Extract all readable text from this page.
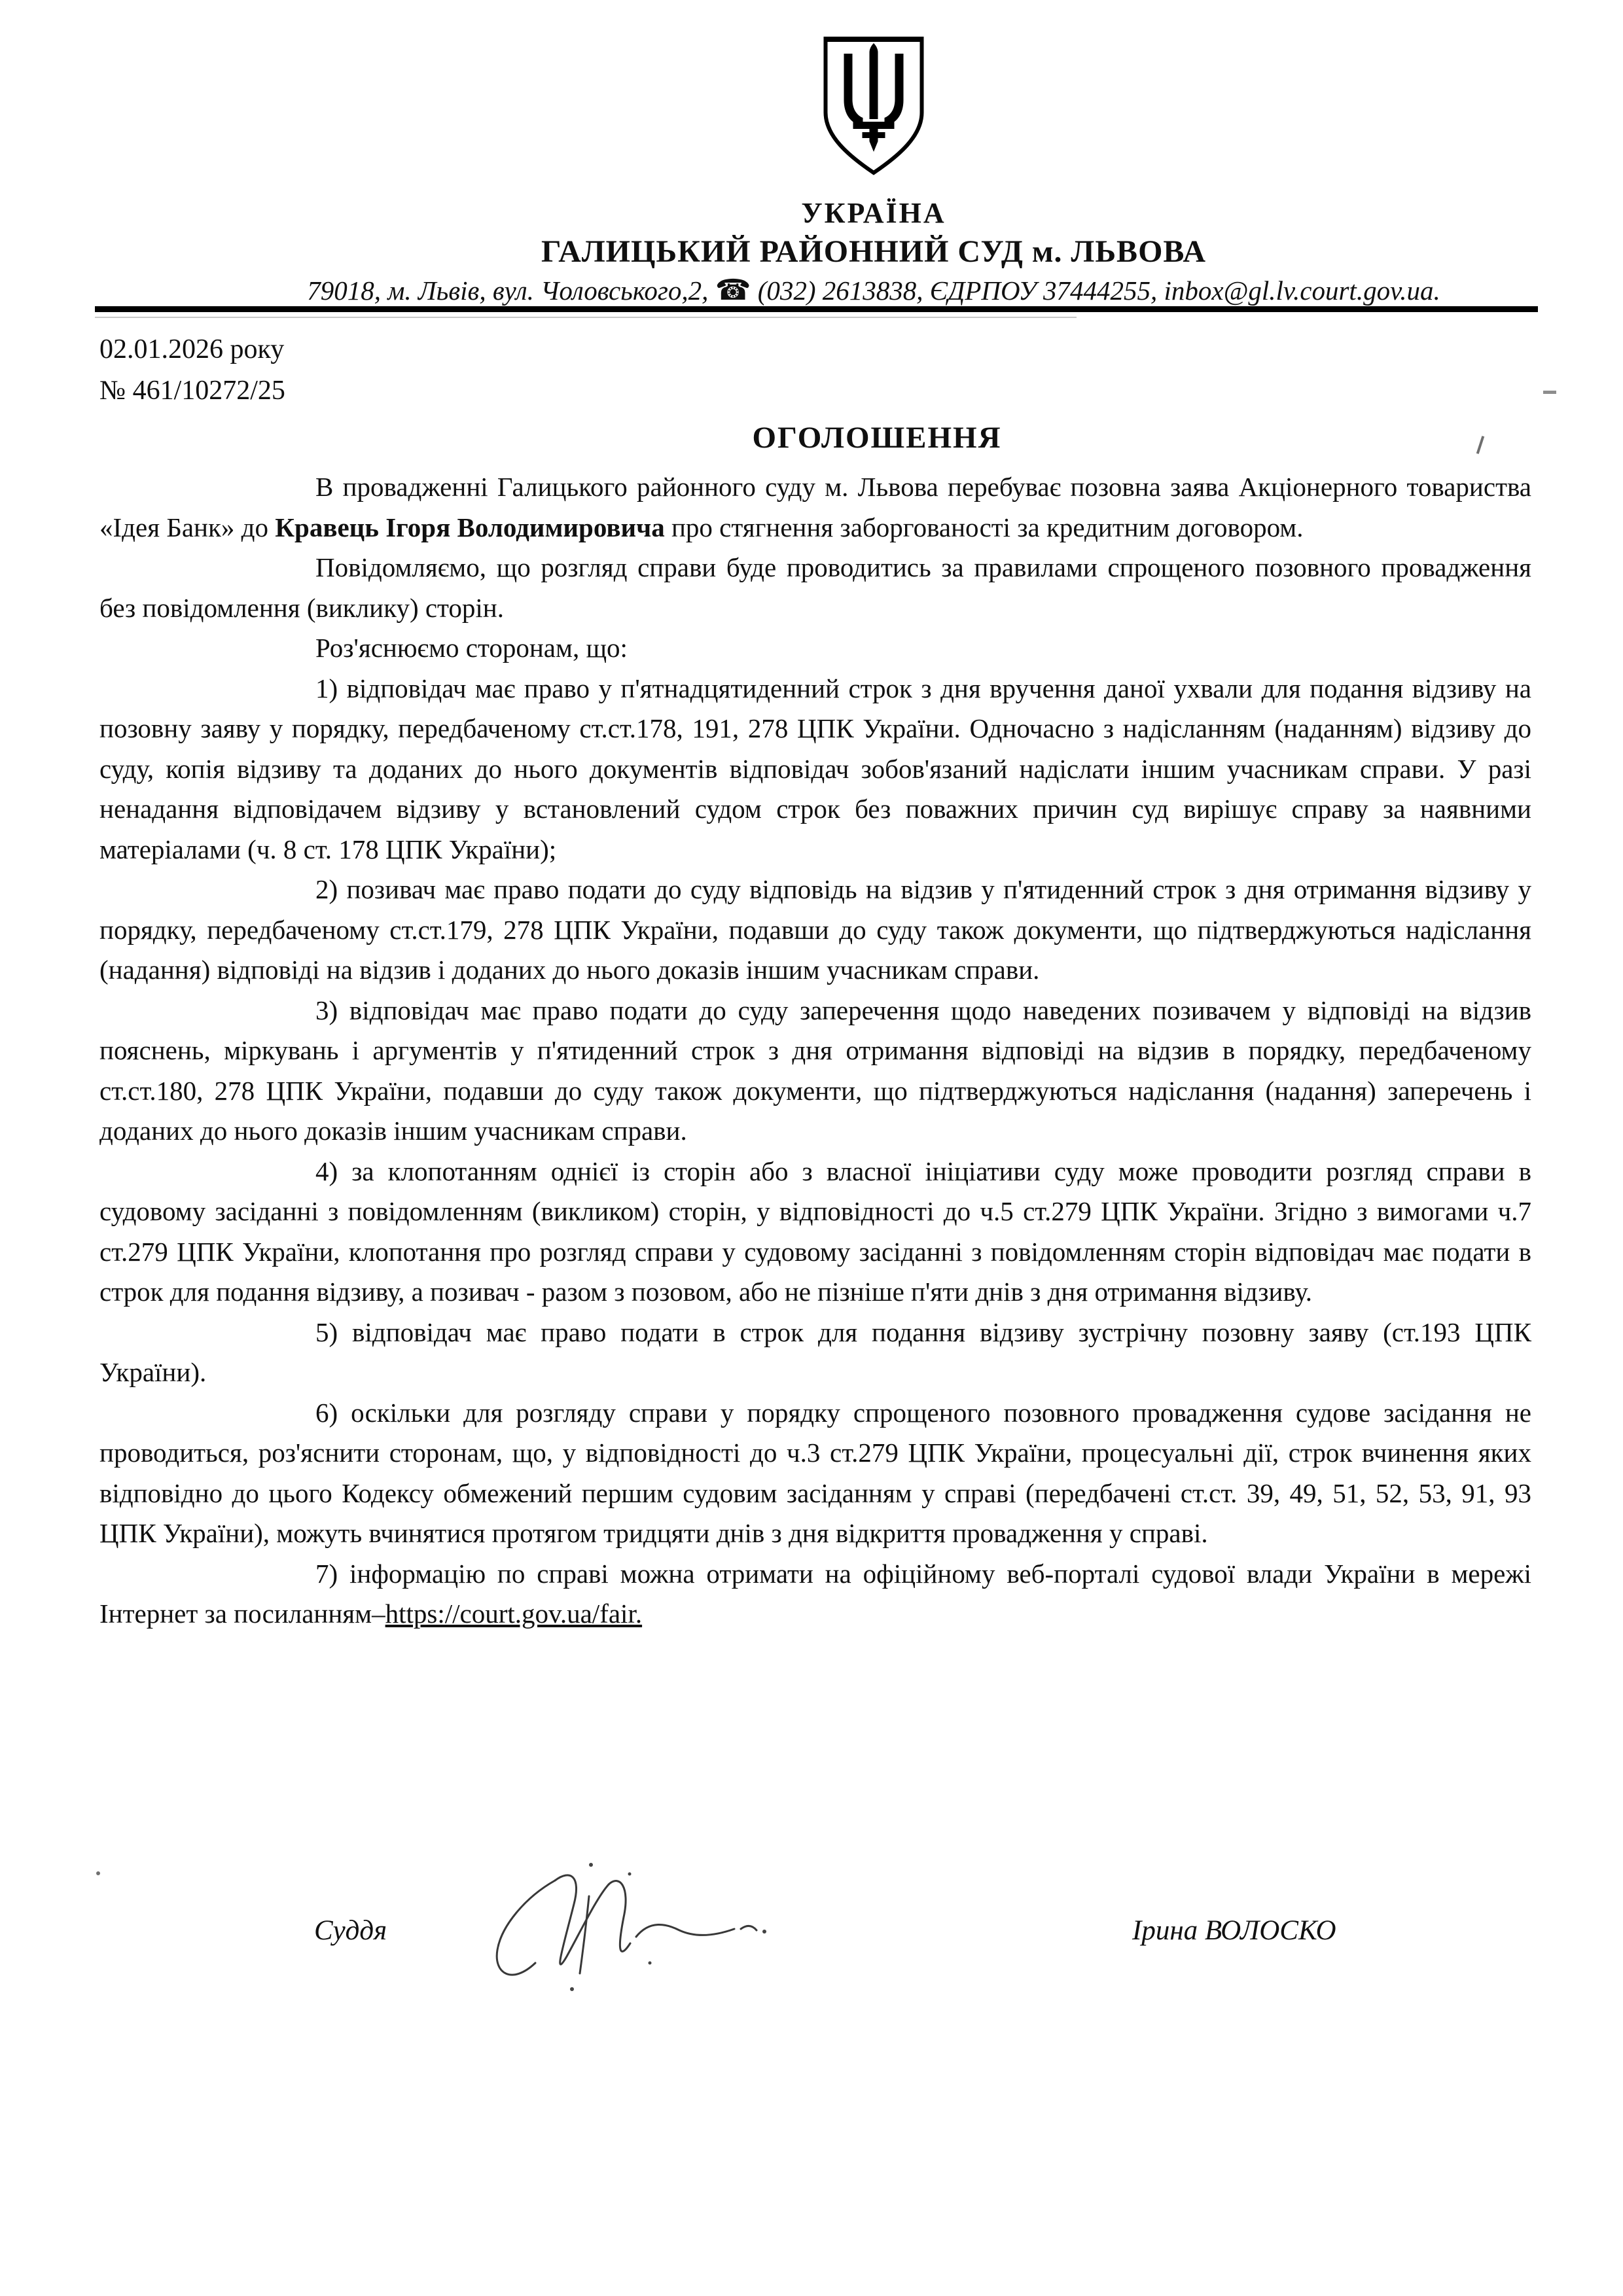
УКРАЇНА
ГАЛИЦЬКИЙ РАЙОННИЙ СУД м. ЛЬВОВА
79018, м. Львів, вул. Чоловського,2, ☎ (032) 2613838, ЄДРПОУ 37444255, inbox@gl.lv.court.gov.ua.
02.01.2026 року
№ 461/10272/25
ОГОЛОШЕННЯ

В провадженні Галицького районного суду м. Львова перебуває позовна заява Акціонерного товариства «Ідея Банк» до Кравець Ігоря Володимировича про стягнення заборгованості за кредитним договором.

Повідомляємо, що розгляд справи буде проводитись за правилами спрощеного позовного провадження без повідомлення (виклику) сторін.

Роз'яснюємо сторонам, що:

1) відповідач має право у п'ятнадцятиденний строк з дня вручення даної ухвали для подання відзиву на позовну заяву у порядку, передбаченому ст.ст.178, 191, 278 ЦПК України. Одночасно з надісланням (наданням) відзиву до суду, копія відзиву та доданих до нього документів відповідач зобов'язаний надіслати іншим учасникам справи. У разі ненадання відповідачем відзиву у встановлений судом строк без поважних причин суд вирішує справу за наявними матеріалами (ч. 8 ст. 178 ЦПК України);

2) позивач має право подати до суду відповідь на відзив у п'ятиденний строк з дня отримання відзиву у порядку, передбаченому ст.ст.179, 278 ЦПК України, подавши до суду також документи, що підтверджуються надіслання (надання) відповіді на відзив і доданих до нього доказів іншим учасникам справи.

3) відповідач має право подати до суду заперечення щодо наведених позивачем у відповіді на відзив пояснень, міркувань і аргументів у п'ятиденний строк з дня отримання відповіді на відзив в порядку, передбаченому ст.ст.180, 278 ЦПК України, подавши до суду також документи, що підтверджуються надіслання (надання) заперечень і доданих до нього доказів іншим учасникам справи.

4) за клопотанням однієї із сторін або з власної ініціативи суду може проводити розгляд справи в судовому засіданні з повідомленням (викликом) сторін, у відповідності до ч.5 ст.279 ЦПК України. Згідно з вимогами ч.7 ст.279 ЦПК України, клопотання про розгляд справи у судовому засіданні з повідомленням сторін відповідач має подати в строк для подання відзиву, а позивач - разом з позовом, або не пізніше п'яти днів з дня отримання відзиву.

5) відповідач має право подати в строк для подання відзиву зустрічну позовну заяву (ст.193 ЦПК України).

6) оскільки для розгляду справи у порядку спрощеного позовного провадження судове засідання не проводиться, роз'яснити сторонам, що, у відповідності до ч.3 ст.279 ЦПК України, процесуальні дії, строк вчинення яких відповідно до цього Кодексу обмежений першим судовим засіданням у справі (передбачені ст.ст. 39, 49, 51, 52, 53, 91, 93 ЦПК України), можуть вчинятися протягом тридцяти днів з дня відкриття провадження у справі.

7) інформацію по справі можна отримати на офіційному веб-порталі судової влади України в мережі Інтернет за посиланням–https://court.gov.ua/fair.

Суддя	Ірина ВОЛОСКО
